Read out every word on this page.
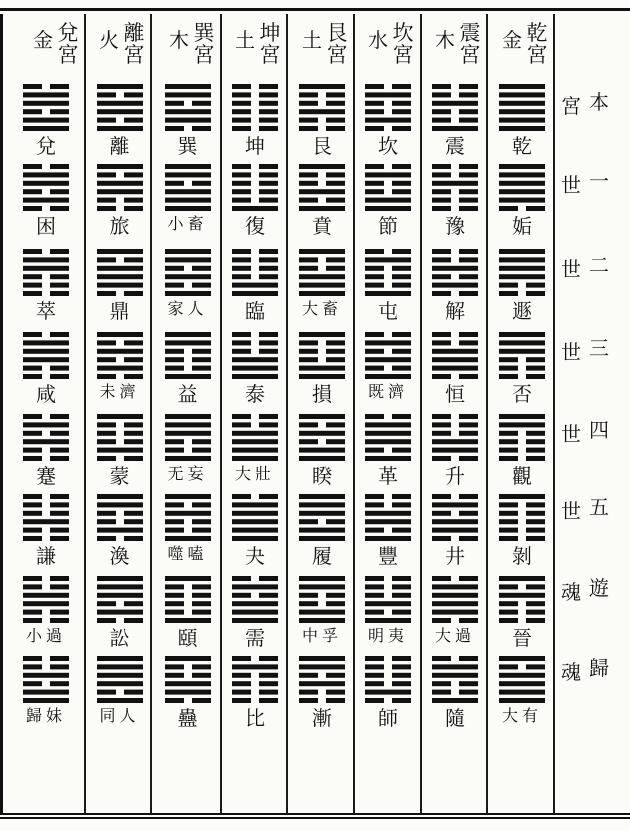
本
宮
一
世
二
世
三
世
四
世
五
世
遊
魂
歸
魂
乾
宮
金
乾
姤
遯
否
觀
剝
晉
大有
震
宮
木
震
豫
解
恒
升
井
大過
隨
坎
宮
水
坎
節
屯
既濟
革
豐
明夷
師
艮
宮
土
艮
賁
大畜
損
睽
履
中孚
漸
坤
宮
土
坤
復
臨
泰
大壯
夬
需
比
巽
宮
木
巽
小畜
家人
益
无妄
噬嗑
頤
蠱
離
宮
火
離
旅
鼎
未濟
蒙
渙
訟
同人
兌
宮
金
兌
困
萃
咸
蹇
謙
小過
歸妹
